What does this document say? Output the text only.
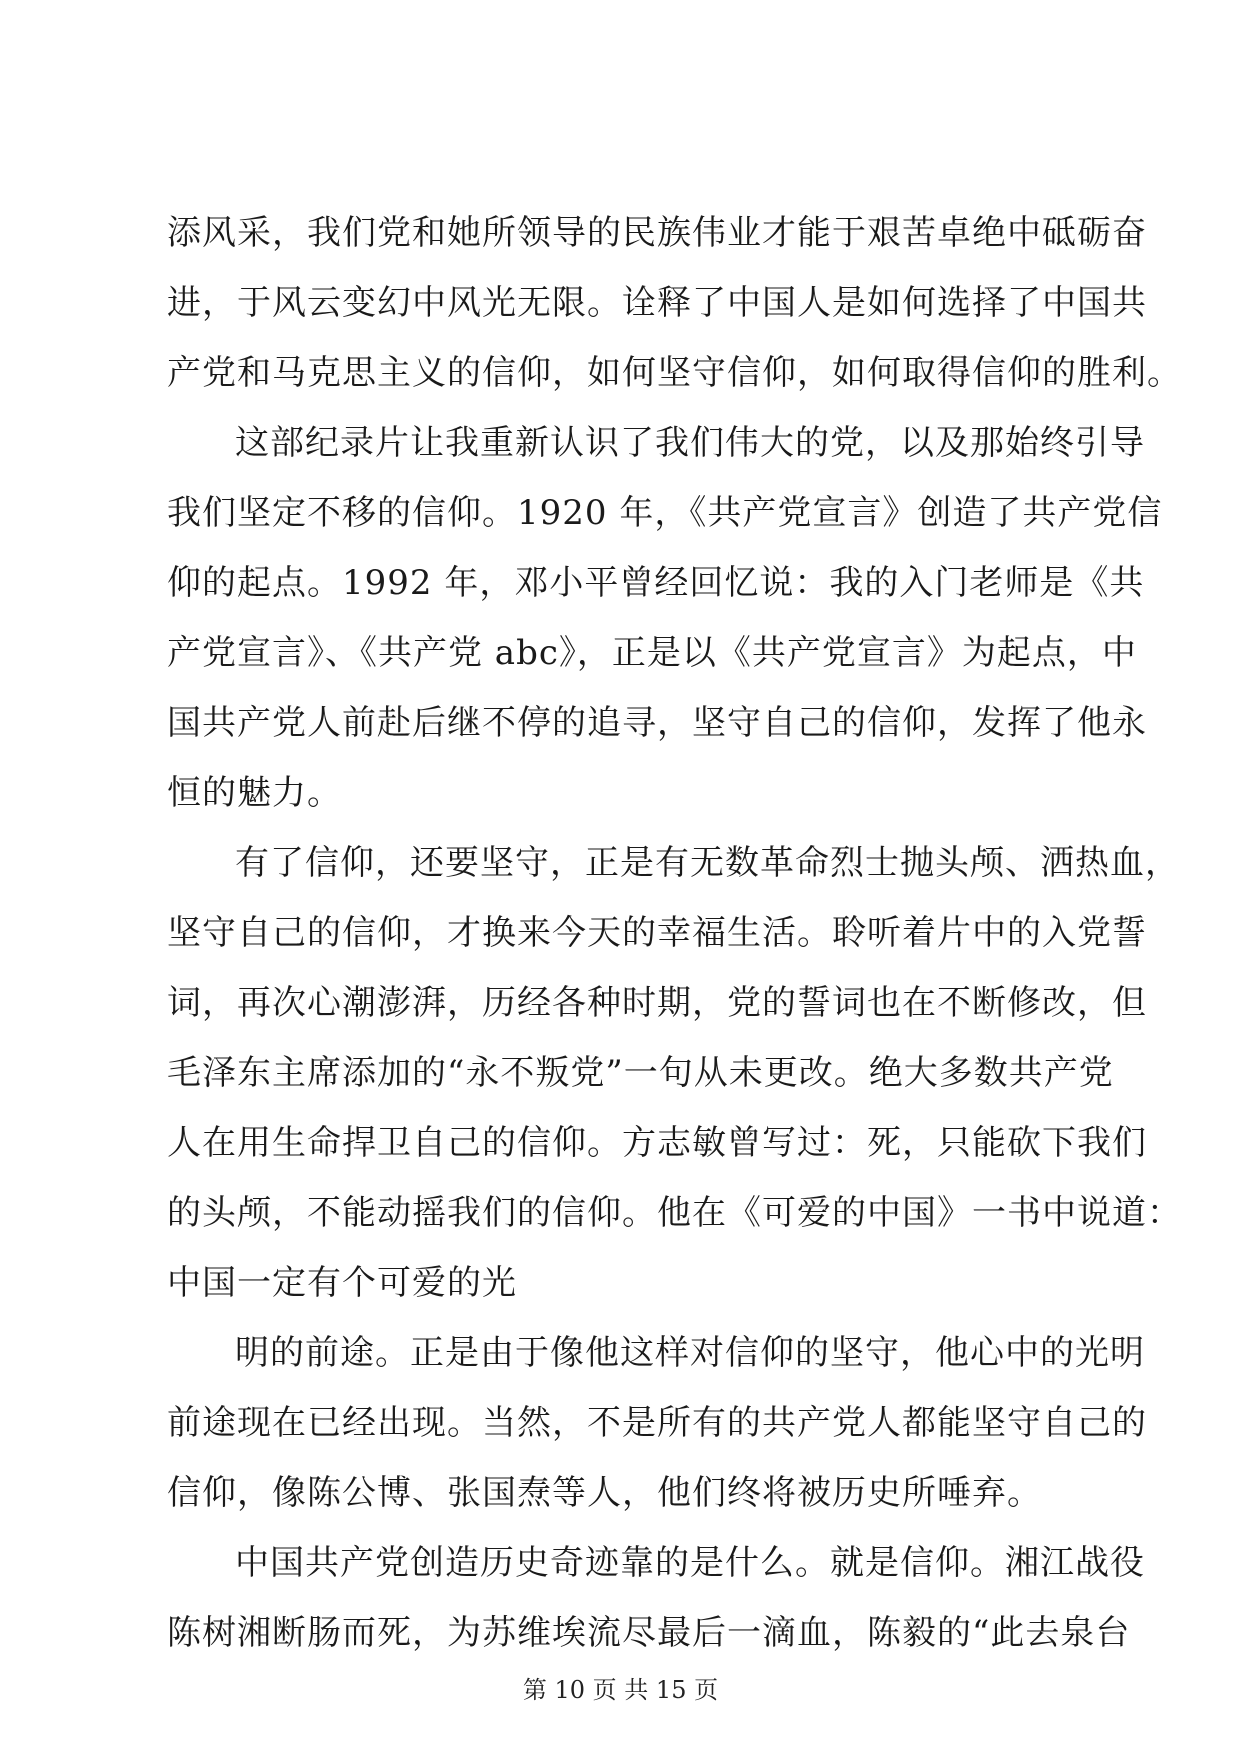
添风采，我们党和她所领导的民族伟业才能于艰苦卓绝中砥砺奋
进，于风云变幻中风光无限。诠释了中国人是如何选择了中国共
产党和马克思主义的信仰，如何坚守信仰，如何取得信仰的胜利。
这部纪录片让我重新认识了我们伟大的党，以及那始终引导
我们坚定不移的信仰。1920 年，《共产党宣言》创造了共产党信
仰的起点。1992 年，邓小平曾经回忆说：我的入门老师是《共
产党宣言》、《共产党 abc》，正是以《共产党宣言》为起点，中
国共产党人前赴后继不停的追寻，坚守自己的信仰，发挥了他永
恒的魅力。
有了信仰，还要坚守，正是有无数革命烈士抛头颅、洒热血，
坚守自己的信仰，才换来今天的幸福生活。聆听着片中的入党誓
词，再次心潮澎湃，历经各种时期，党的誓词也在不断修改，但
毛泽东主席添加的“永不叛党”一句从未更改。绝大多数共产党
人在用生命捍卫自己的信仰。方志敏曾写过：死，只能砍下我们
的头颅，不能动摇我们的信仰。他在《可爱的中国》一书中说道：
中国一定有个可爱的光
明的前途。正是由于像他这样对信仰的坚守，他心中的光明
前途现在已经出现。当然，不是所有的共产党人都能坚守自己的
信仰，像陈公博、张国焘等人，他们终将被历史所唾弃。
中国共产党创造历史奇迹靠的是什么。就是信仰。湘江战役
陈树湘断肠而死，为苏维埃流尽最后一滴血，陈毅的“此去泉台
第 10 页 共 15 页
